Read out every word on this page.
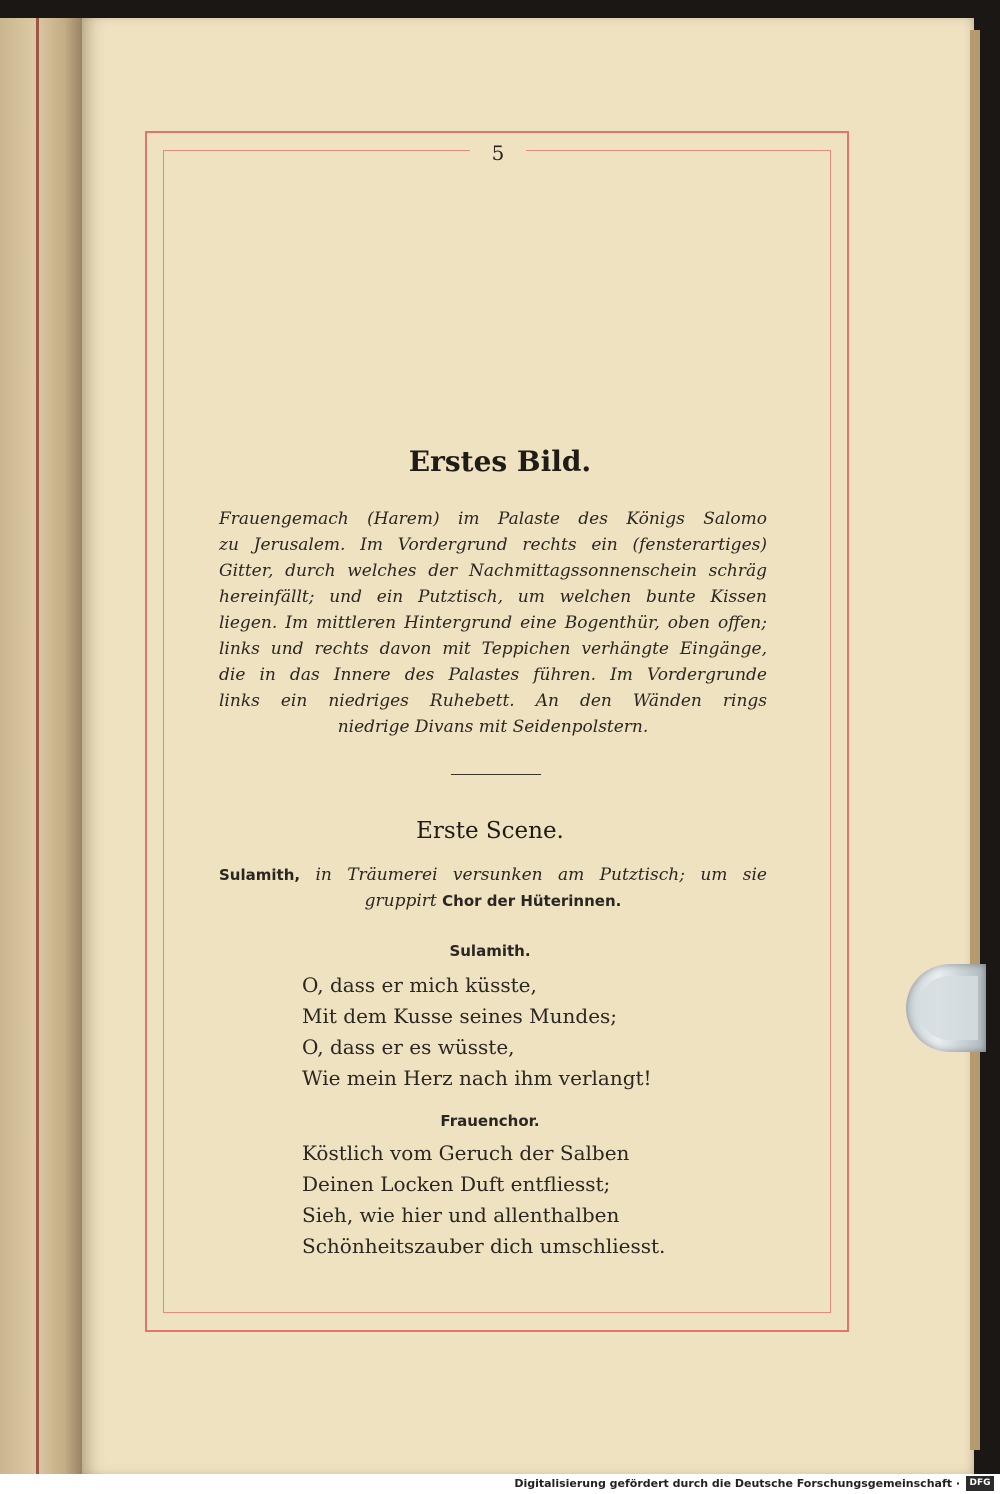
5
Erstes Bild.
Frauengemach (Harem) im Palaste des Königs Salomo
zu Jerusalem. Im Vordergrund rechts ein (fensterartiges)
Gitter, durch welches der Nachmittagssonnenschein schräg
hereinfällt; und ein Putztisch, um welchen bunte Kissen
liegen. Im mittleren Hintergrund eine Bogenthür, oben offen;
links und rechts davon mit Teppichen verhängte Eingänge,
die in das Innere des Palastes führen. Im Vordergrunde
links ein niedriges Ruhebett. An den Wänden rings
niedrige Divans mit Seidenpolstern.
Erste Scene.
Sulamith, in Träumerei versunken am Putztisch; um sie
gruppirt Chor der Hüterinnen.
Sulamith.
O, dass er mich küsste,
Mit dem Kusse seines Mundes;
O, dass er es wüsste,
Wie mein Herz nach ihm verlangt!
Frauenchor.
Köstlich vom Geruch der Salben
Deinen Locken Duft entfliesst;
Sieh, wie hier und allenthalben
Schönheitszauber dich umschliesst.
Digitalisierung gefördert durch die Deutsche Forschungsgemeinschaft ·	DFG
